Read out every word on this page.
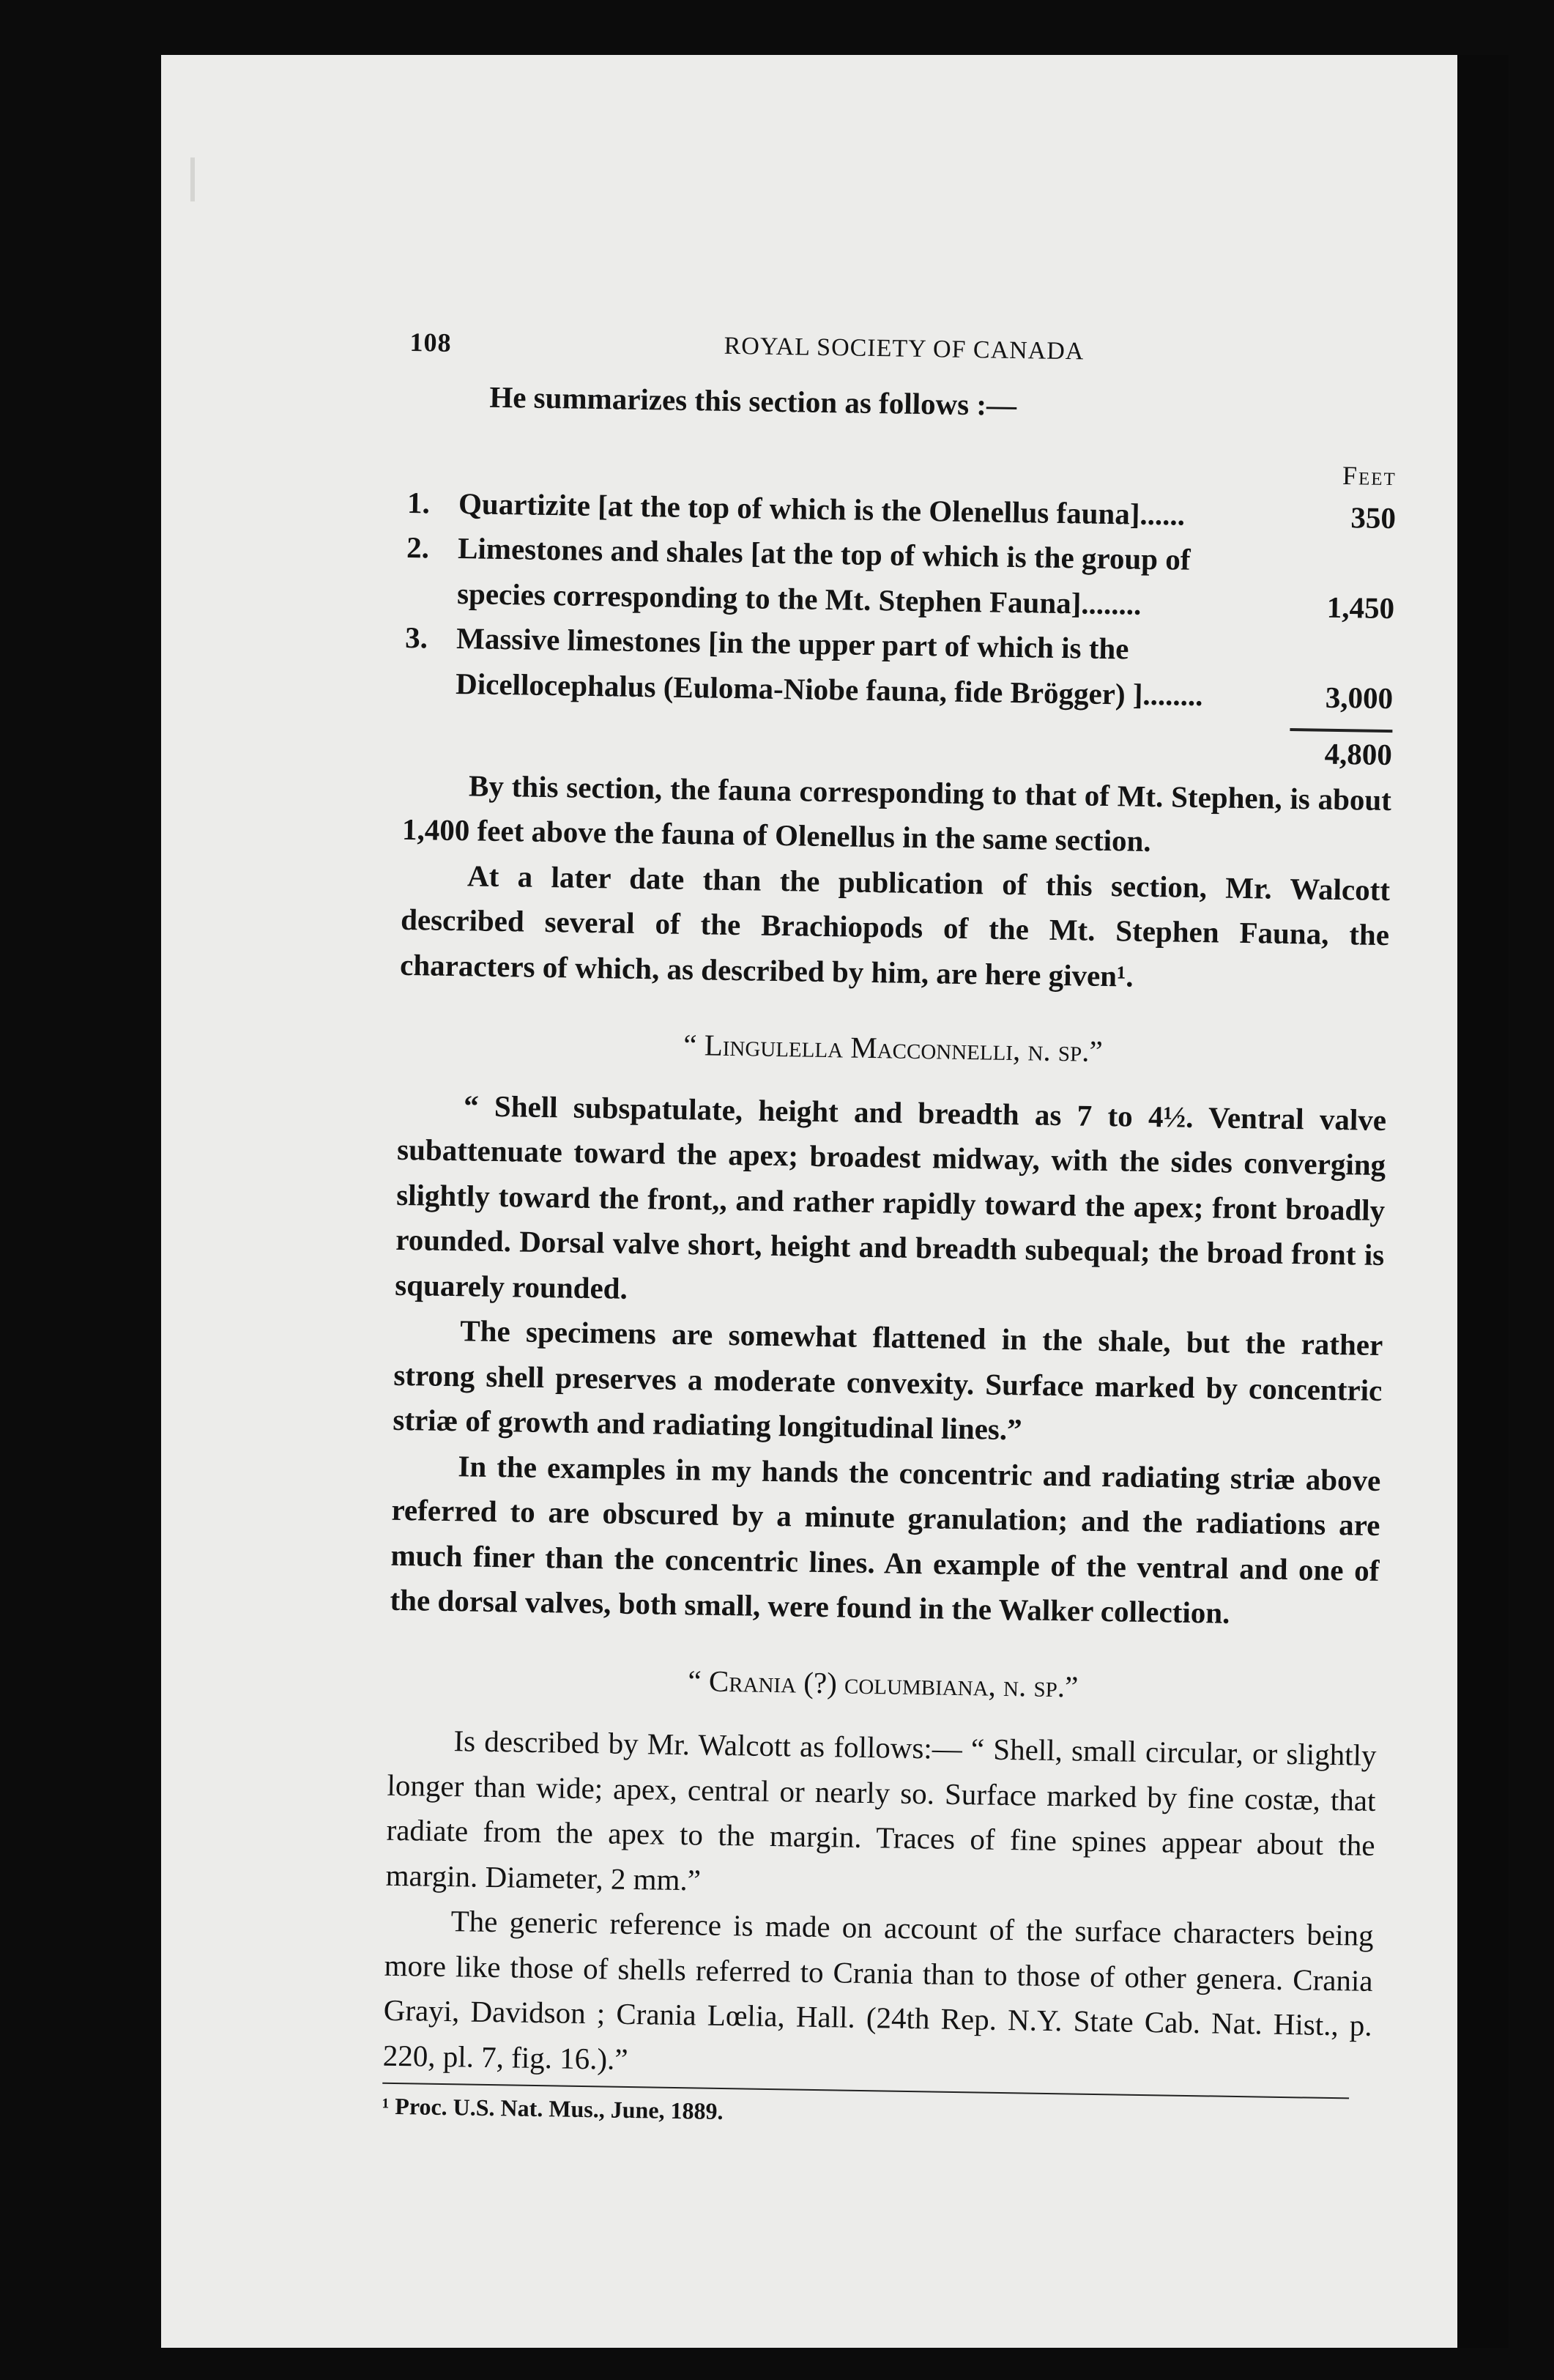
108	ROYAL SOCIETY OF CANADA

He summarizes this section as follows :—

Feet
1.	Quartizite [at the top of which is the Olenellus fauna]......	350
2.	Limestones and shales [at the top of which is the group of species corresponding to the Mt. Stephen Fauna]........	1,450
3.	Massive limestones [in the upper part of which is the Dicellocephalus (Euloma-Niobe fauna, fide Brögger) ]........	3,000
4,800

By this section, the fauna corresponding to that of Mt. Stephen, is about 1,400 feet above the fauna of Olenellus in the same section.

At a later date than the publication of this section, Mr. Walcott described several of the Brachiopods of the Mt. Stephen Fauna, the characters of which, as described by him, are here given¹.

“ Lingulella Macconnelli, n. sp.”

“ Shell subspatulate, height and breadth as 7 to 4½. Ventral valve subattenuate toward the apex; broadest midway, with the sides converging slightly toward the front,, and rather rapidly toward the apex; front broadly rounded. Dorsal valve short, height and breadth subequal; the broad front is squarely rounded.

The specimens are somewhat flattened in the shale, but the rather strong shell preserves a moderate convexity. Surface marked by concentric striæ of growth and radiating longitudinal lines.”

In the examples in my hands the concentric and radiating striæ above referred to are obscured by a minute granulation; and the radiations are much finer than the concentric lines. An example of the ventral and one of the dorsal valves, both small, were found in the Walker collection.

“ Crania (?) columbiana, n. sp.”

Is described by Mr. Walcott as follows:— “ Shell, small circular, or slightly longer than wide; apex, central or nearly so. Surface marked by fine costæ, that radiate from the apex to the margin. Traces of fine spines appear about the margin. Diameter, 2 mm.”

The generic reference is made on account of the surface characters being more like those of shells referred to Crania than to those of other genera. Crania Grayi, Davidson ; Crania Lœlia, Hall. (24th Rep. N.Y. State Cab. Nat. Hist., p. 220, pl. 7, fig. 16.).”

¹ Proc. U.S. Nat. Mus., June, 1889.
